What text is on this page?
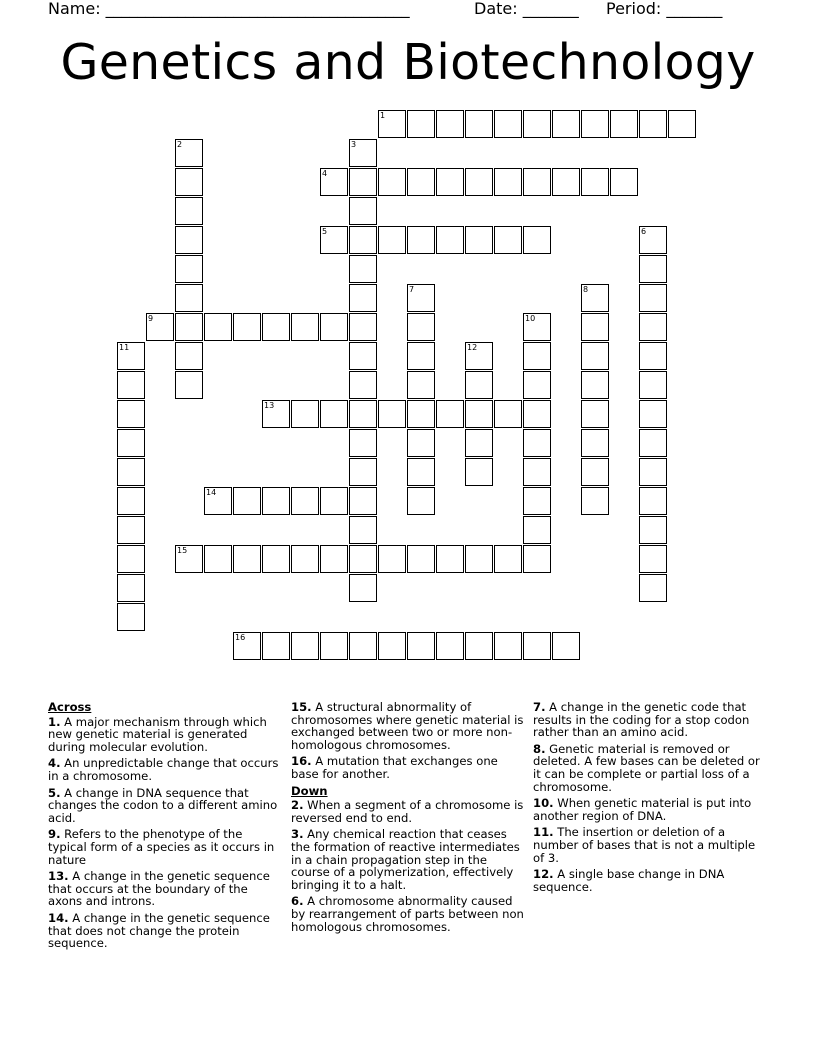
Name: ______________________________________	Date: _______ Period: _______
Genetics and Biotechnology
1
2	3
4
5	6
7	8
9	10
11	12
13
14
15
16
Across
1. A major mechanism through which new genetic material is generated during molecular evolution.
4. An unpredictable change that occurs in a chromosome.
5. A change in DNA sequence that changes the codon to a different amino acid.
9. Refers to the phenotype of the typical form of a species as it occurs in nature
13. A change in the genetic sequence that occurs at the boundary of the axons and introns.
14. A change in the genetic sequence that does not change the protein sequence.
15. A structural abnormality of chromosomes where genetic material is exchanged between two or more non-homologous chromosomes.
16. A mutation that exchanges one base for another.
Down
2. When a segment of a chromosome is reversed end to end.
3. Any chemical reaction that ceases the formation of reactive intermediates in a chain propagation step in the course of a polymerization, effectively bringing it to a halt.
6. A chromosome abnormality caused by rearrangement of parts between non homologous chromosomes.
7. A change in the genetic code that results in the coding for a stop codon rather than an amino acid.
8. Genetic material is removed or deleted. A few bases can be deleted or it can be complete or partial loss of a chromosome.
10. When genetic material is put into another region of DNA.
11. The insertion or deletion of a number of bases that is not a multiple of 3.
12. A single base change in DNA sequence.
